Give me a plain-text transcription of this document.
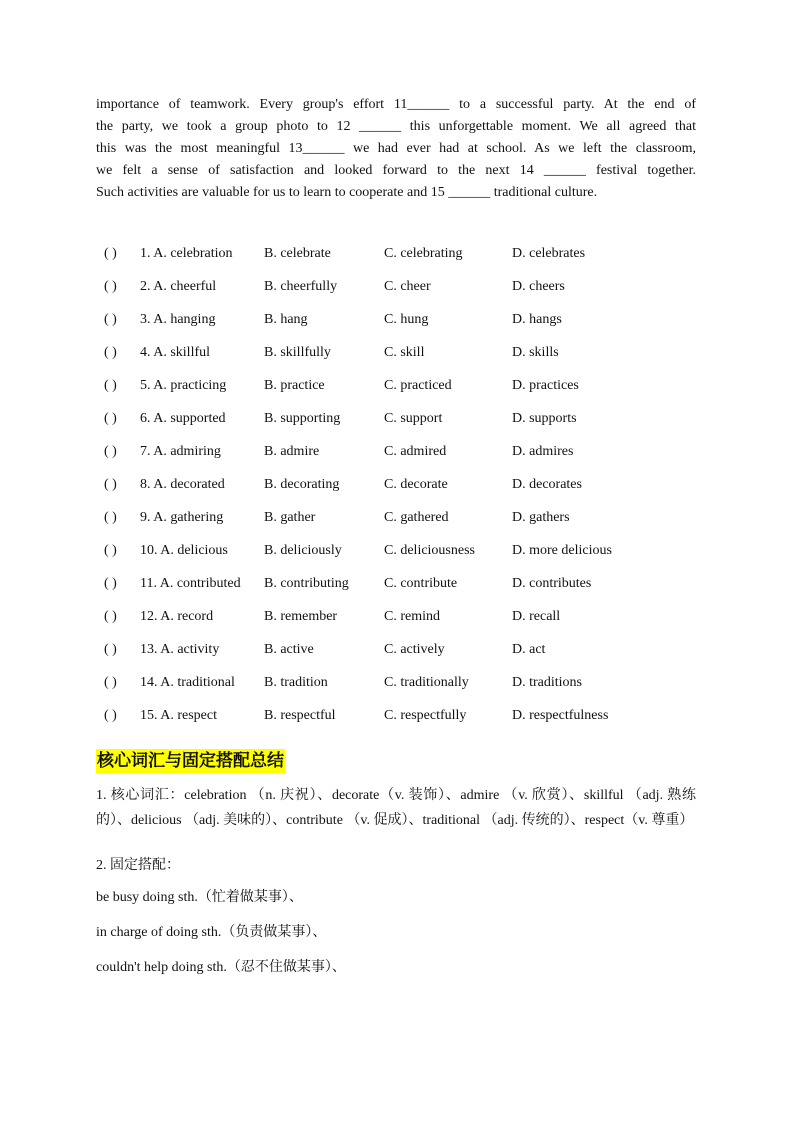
importance of teamwork. Every group's effort 11______ to a successful party. At the end of

the party, we took a group photo to 12 ______ this unforgettable moment. We all agreed that

this was the most meaningful 13______ we had ever had at school. As we left the classroom,

we felt a sense of satisfaction and looked forward to the next 14 ______ festival together.

Such activities are valuable for us to learn to cooperate and 15 ______ traditional culture.

( ) 1. A. celebration B. celebrate	C. celebrating	D. celebrates
( ) 2. A. cheerful	B. cheerfully	C. cheer	D. cheers
( ) 3. A. hanging	B. hang	C. hung	D. hangs
( ) 4. A. skillful	B. skillfully	C. skill	D. skills
( ) 5. A. practicing	B. practice	C. practiced	D. practices
( ) 6. A. supported	B. supporting	C. support	D. supports
( ) 7. A. admiring	B. admire	C. admired	D. admires
( ) 8. A. decorated	B. decorating	C. decorate	D. decorates
( ) 9. A. gathering	B. gather	C. gathered	D. gathers
( ) 10. A. delicious	B. deliciously	C. deliciousness	D. more delicious
( ) 11. A. contributed B. contributing	C. contribute	D. contributes
( ) 12. A. record	B. remember	C. remind	D. recall
( ) 13. A. activity	B. active	C. actively	D. act
( ) 14. A. traditional B. tradition	C. traditionally	D. traditions
( ) 15. A. respect	B. respectful	C. respectfully	D. respectfulness
核心词汇与固定搭配总结
1. 核心词汇：celebration （n. 庆祝）、decorate（v. 装饰）、admire （v. 欣赏）、skillful （adj. 熟练的）、delicious （adj. 美味的）、contribute （v. 促成）、traditional （adj. 传统的）、respect（v. 尊重）
2. 固定搭配：
be busy doing sth.（忙着做某事）、
in charge of doing sth.（负责做某事）、
couldn't help doing sth.（忍不住做某事）、
